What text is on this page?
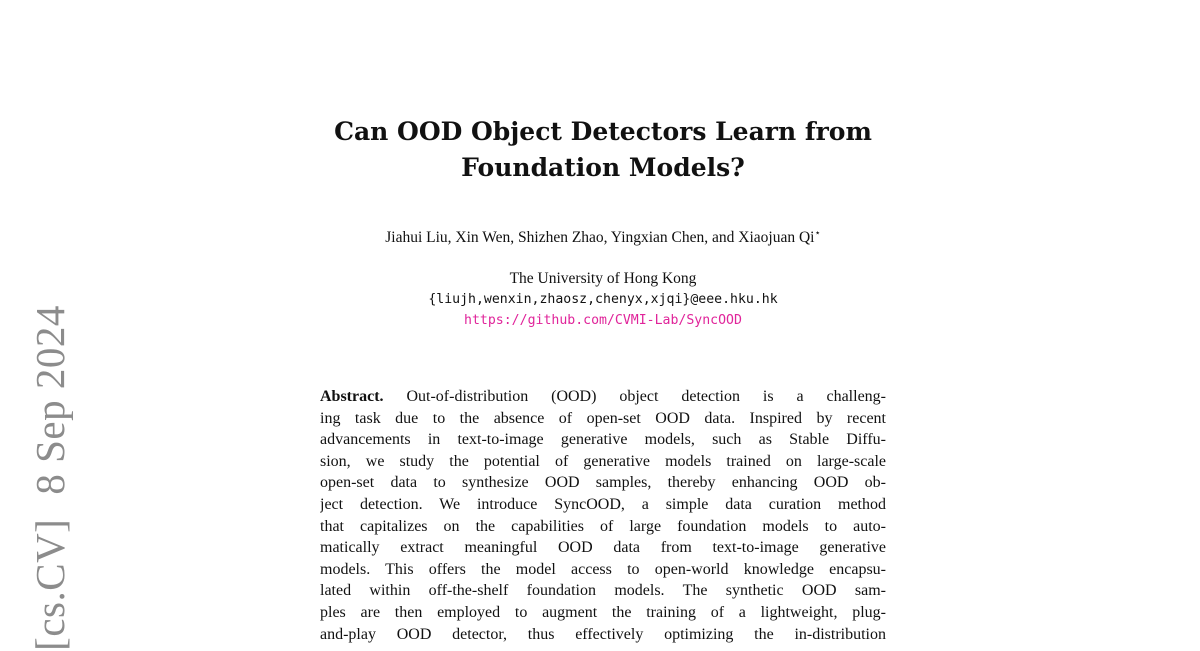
[cs.CV]8 Sep 2024
Can OOD Object Detectors Learn from
Foundation Models?
Jiahui Liu, Xin Wen, Shizhen Zhao, Yingxian Chen, and Xiaojuan Qi⋆
The University of Hong Kong
{liujh,wenxin,zhaosz,chenyx,xjqi}@eee.hku.hk
https://github.com/CVMI-Lab/SyncOOD
Abstract. Out-of-distribution (OOD) object detection is a challeng-
ing task due to the absence of open-set OOD data. Inspired by recent
advancements in text-to-image generative models, such as Stable Diffu-
sion, we study the potential of generative models trained on large-scale
open-set data to synthesize OOD samples, thereby enhancing OOD ob-
ject detection. We introduce SyncOOD, a simple data curation method
that capitalizes on the capabilities of large foundation models to auto-
matically extract meaningful OOD data from text-to-image generative
models. This offers the model access to open-world knowledge encapsu-
lated within off-the-shelf foundation models. The synthetic OOD sam-
ples are then employed to augment the training of a lightweight, plug-
and-play OOD detector, thus effectively optimizing the in-distribution
